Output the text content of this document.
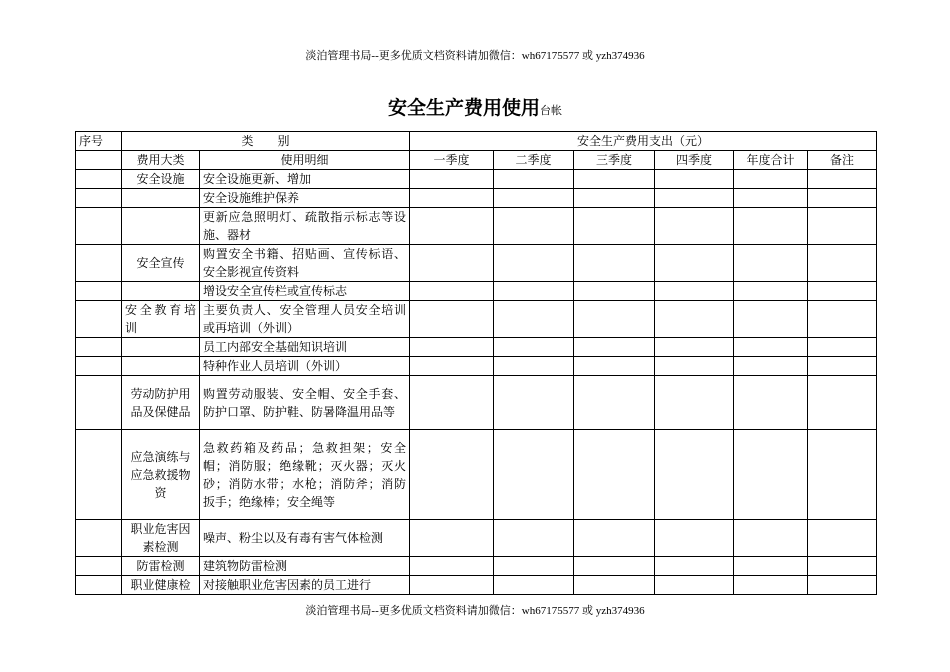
淡泊管理书局--更多优质文档资料请加微信：wh67175577 或 yzh374936
安全生产费用使用台帐
序号	类　　别		安全生产费用支出（元）					
	费用大类	使用明细	一季度	二季度	三季度	四季度	年度合计	备注
	安全设施	安全设施更新、增加						
		安全设施维护保养						
		更新应急照明灯、疏散指示标志等设施、器材						
	安全宣传	购置安全书籍、招贴画、宣传标语、安全影视宣传资料						
		增设安全宣传栏或宣传标志						
	安全教育培训	主要负责人、安全管理人员安全培训或再培训（外训）						
		员工内部安全基础知识培训						
		特种作业人员培训（外训）						
	劳动防护用品及保健品	购置劳动服装、安全帽、安全手套、防护口罩、防护鞋、防暑降温用品等						
	应急演练与应急救援物资	急救药箱及药品；急救担架；安全帽；消防服；绝缘靴；灭火器；灭火砂；消防水带；水枪；消防斧；消防扳手；绝缘棒；安全绳等						
	职业危害因素检测	噪声、粉尘以及有毒有害气体检测						
	防雷检测	建筑物防雷检测						
	职业健康检	对接触职业危害因素的员工进行						
淡泊管理书局--更多优质文档资料请加微信：wh67175577 或 yzh374936
